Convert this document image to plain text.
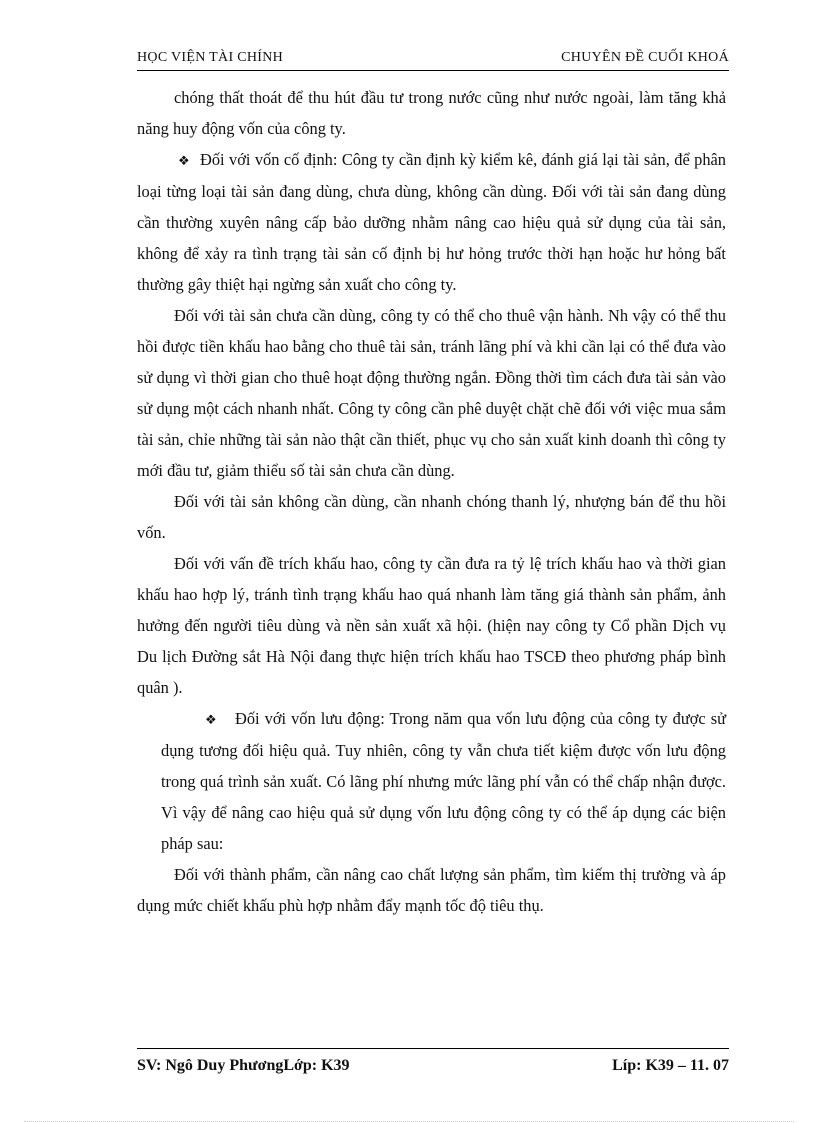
HỌC VIỆN TÀI CHÍNH	CHUYÊN ĐỀ CUỐI KHOÁ

chóng thất thoát để thu hút đầu tư trong nước cũng như nước ngoài, làm tăng khả năng huy động vốn của công ty.

❖ Đối với vốn cố định: Công ty cần định kỳ kiểm kê, đánh giá lại tài sản, để phân loại từng loại tài sản đang dùng, chưa dùng, không cần dùng. Đối với tài sản đang dùng cần thường xuyên nâng cấp bảo dưỡng nhằm nâng cao hiệu quả sử dụng của tài sản, không để xảy ra tình trạng tài sản cố định bị hư hỏng trước thời hạn hoặc hư hỏng bất thường gây thiệt hại ngừng sản xuất cho công ty.

Đối với tài sản chưa cần dùng, công ty có thể cho thuê vận hành. Nh vậy có thể thu hồi được tiền khấu hao bằng cho thuê tài sản, tránh lãng phí và khi cần lại có thể đưa vào sử dụng vì thời gian cho thuê hoạt động thường ngắn. Đồng thời tìm cách đưa tài sản vào sử dụng một cách nhanh nhất. Công ty công cần phê duyệt chặt chẽ đối với việc mua sắm tài sản, chỉe những tài sản nào thật cần thiết, phục vụ cho sản xuất kinh doanh thì công ty mới đầu tư, giảm thiểu số tài sản chưa cần dùng.

Đối với tài sản không cần dùng, cần nhanh chóng thanh lý, nhượng bán để thu hồi vốn.

Đối với vấn đề trích khấu hao, công ty cần đưa ra tỷ lệ trích khấu hao và thời gian khấu hao hợp lý, tránh tình trạng khấu hao quá nhanh làm tăng giá thành sản phẩm, ảnh hưởng đến người tiêu dùng và nền sản xuất xã hội. (hiện nay công ty Cổ phần Dịch vụ Du lịch Đường sắt Hà Nội đang thực hiện trích khấu hao TSCĐ theo phương pháp bình quân ).

❖ Đối với vốn lưu động: Trong năm qua vốn lưu động của công ty được sử dụng tương đối hiệu quả. Tuy nhiên, công ty vẫn chưa tiết kiệm được vốn lưu động trong quá trình sản xuất. Có lãng phí nhưng mức lãng phí vẫn có thể chấp nhận được. Vì vậy để nâng cao hiệu quả sử dụng vốn lưu động công ty có thể áp dụng các biện pháp sau:

Đối với thành phẩm, cần nâng cao chất lượng sản phẩm, tìm kiếm thị trường và áp dụng mức chiết khấu phù hợp nhằm đẩy mạnh tốc độ tiêu thụ.

SV: Ngô Duy PhươngLớp: K39	Líp: K39 – 11. 07
